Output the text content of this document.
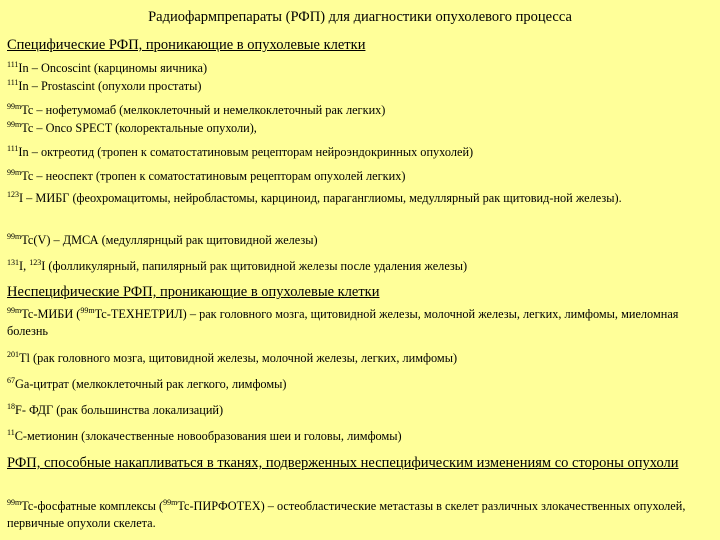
Радиофармпрепараты (РФП) для диагностики опухолевого процесса
Специфические РФП, проникающие в опухолевые клетки
$^{111}$In – Oncoscint (карциномы яичника)
$^{111}$In – Prostascint (опухоли простаты)
$^{99m}$Tc – нофетумомаб (мелкоклеточный и немелкоклеточный рак легких)
$^{99m}$Tc – Onco SPECT (колоректальные опухоли),
$^{111}$In – октреотид (тропен к соматостатиновым рецепторам нейроэндокринных опухолей)
$^{99m}$Tc – неоспект (тропен к соматостатиновым рецепторам опухолей легких)
$^{123}$I – МИБГ (феохромацитомы, нейробластомы, карциноид, параганглиомы, медуллярный рак щитовид-ной железы).
$^{99m}$Tc(V) – ДМСА (медуллярнцый рак щитовидной железы)
$^{131}$I, $^{123}$I (фолликулярный, папилярный рак щитовидной железы после удаления железы)
Неспецифические РФП, проникающие в опухолевые клетки
$^{99m}$Tc-МИБИ ($^{99m}$Tc-ТЕХНЕТРИЛ) – рак головного мозга, щитовидной железы, молочной железы, легких, лимфомы, миеломная болезнь
$^{201}$Tl (рак головного мозга, щитовидной железы, молочной железы, легких, лимфомы)
$^{67}$Ga-цитрат (мелкоклеточный рак легкого, лимфомы)
$^{18}$F- ФДГ (рак большинства локализаций)
$^{11}$С-метионин (злокачественные новообразования шеи и головы, лимфомы)
РФП, способные накапливаться в тканях, подверженных неспецифическим изменениям со стороны опухоли
$^{99m}$Tc-фосфатные комплексы ($^{99m}$Tc-ПИРФОТЕХ) – остеобластические метастазы в скелет различных злокачественных опухолей, первичные опухоли скелета.
